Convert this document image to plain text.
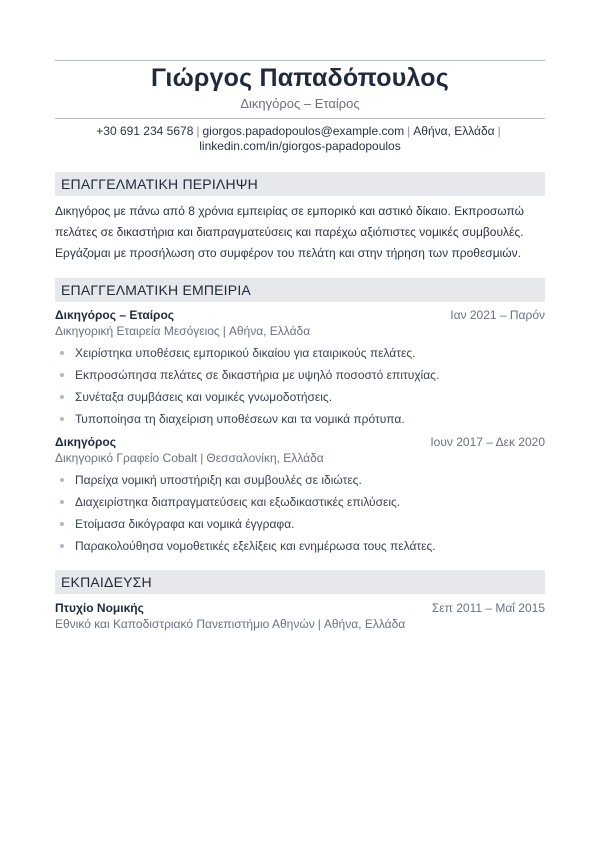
Γιώργος Παπαδόπουλος
Δικηγόρος – Εταίρος
+30 691 234 5678 | giorgos.papadopoulos@example.com | Αθήνα, Ελλάδα |
linkedin.com/in/giorgos-papadopoulos
ΕΠΑΓΓΕΛΜΑΤΙΚΗ ΠΕΡΙΛΗΨΗ
Δικηγόρος με πάνω από 8 χρόνια εμπειρίας σε εμπορικό και αστικό δίκαιο. Εκπροσωπώ πελάτες σε δικαστήρια και διαπραγματεύσεις και παρέχω αξιόπιστες νομικές συμβουλές. Εργάζομαι με προσήλωση στο συμφέρον του πελάτη και στην τήρηση των προθεσμιών.
ΕΠΑΓΓΕΛΜΑΤΙΚΗ ΕΜΠΕΙΡΙΑ
Δικηγόρος – Εταίρος	Ιαν 2021 – Παρόν
Δικηγορική Εταιρεία Μεσόγειος | Αθήνα, Ελλάδα
Χειρίστηκα υποθέσεις εμπορικού δικαίου για εταιρικούς πελάτες.
Εκπροσώπησα πελάτες σε δικαστήρια με υψηλό ποσοστό επιτυχίας.
Συνέταξα συμβάσεις και νομικές γνωμοδοτήσεις.
Τυποποίησα τη διαχείριση υποθέσεων και τα νομικά πρότυπα.
Δικηγόρος	Ιουν 2017 – Δεκ 2020
Δικηγορικό Γραφείο Cobalt | Θεσσαλονίκη, Ελλάδα
Παρείχα νομική υποστήριξη και συμβουλές σε ιδιώτες.
Διαχειρίστηκα διαπραγματεύσεις και εξωδικαστικές επιλύσεις.
Ετοίμασα δικόγραφα και νομικά έγγραφα.
Παρακολούθησα νομοθετικές εξελίξεις και ενημέρωσα τους πελάτες.
ΕΚΠΑΙΔΕΥΣΗ
Πτυχίο Νομικής	Σεπ 2011 – Μαΐ 2015
Εθνικό και Καποδιστριακό Πανεπιστήμιο Αθηνών | Αθήνα, Ελλάδα
